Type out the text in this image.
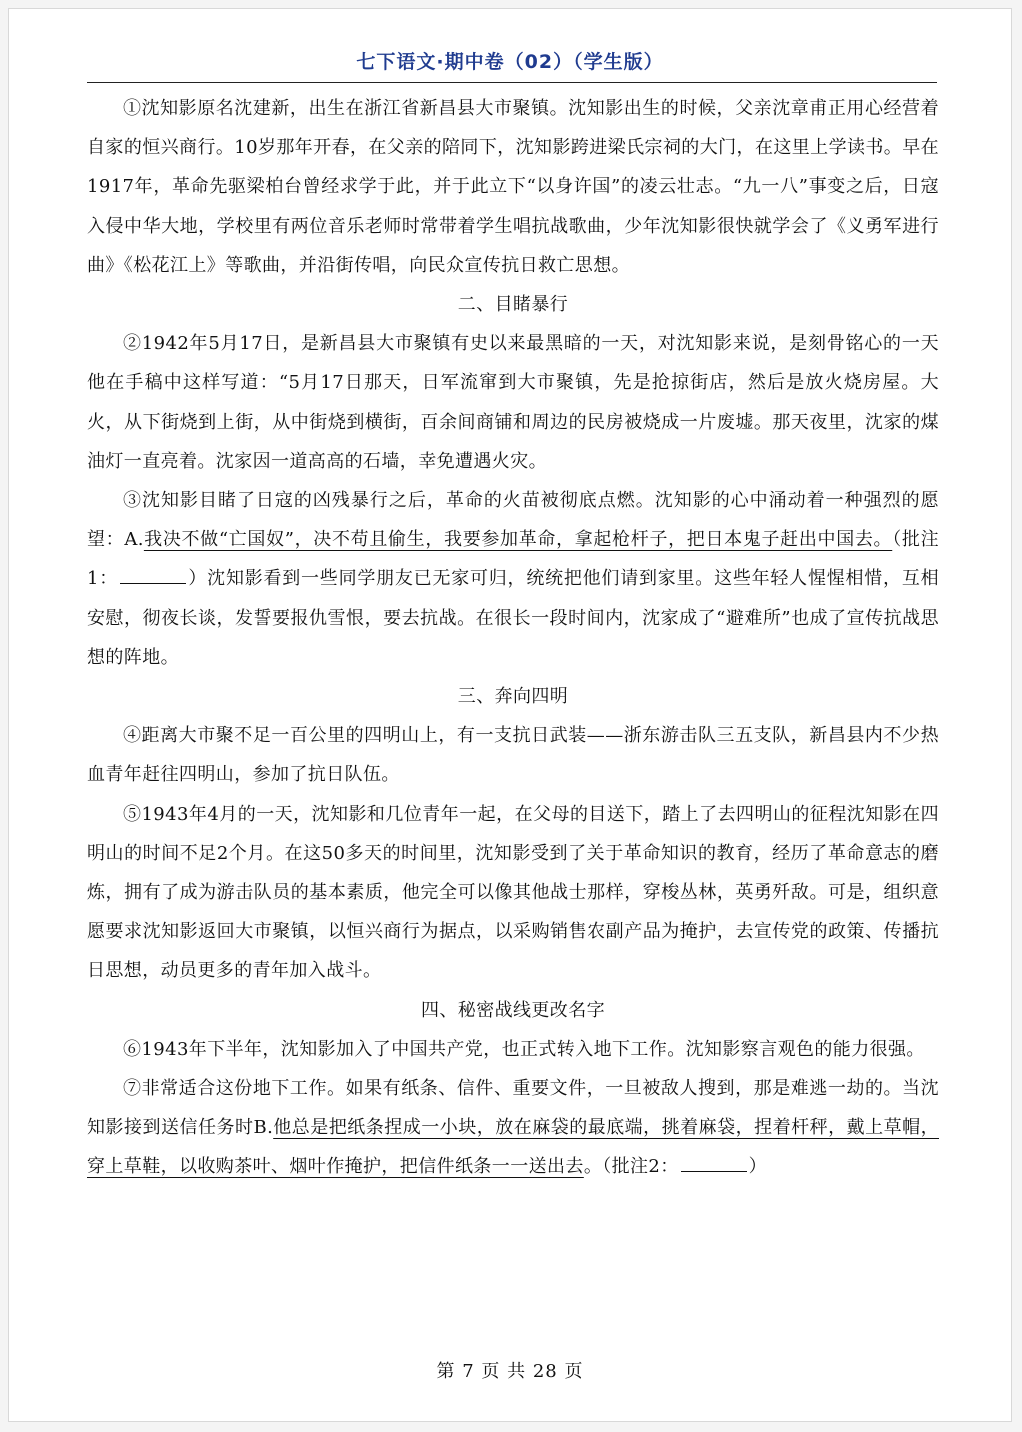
七下语文·期中卷（02）（学生版）

①沈知影原名沈建新，出生在浙江省新昌县大市聚镇。沈知影出生的时候，父亲沈章甫正用心经营着自家的恒兴商行。10岁那年开春，在父亲的陪同下，沈知影跨进梁氏宗祠的大门，在这里上学读书。早在1917年，革命先驱梁柏台曾经求学于此，并于此立下“以身许国”的凌云壮志。“九一八”事变之后，日寇入侵中华大地，学校里有两位音乐老师时常带着学生唱抗战歌曲，少年沈知影很快就学会了《义勇军进行曲》《松花江上》等歌曲，并沿街传唱，向民众宣传抗日救亡思想。

二、目睹暴行

②1942年5月17日，是新昌县大市聚镇有史以来最黑暗的一天，对沈知影来说，是刻骨铭心的一天他在手稿中这样写道：“5月17日那天，日军流窜到大市聚镇，先是抢掠街店，然后是放火烧房屋。大火，从下街烧到上街，从中街烧到横街，百余间商铺和周边的民房被烧成一片废墟。那天夜里，沈家的煤油灯一直亮着。沈家因一道高高的石墙，幸免遭遇火灾。

③沈知影目睹了日寇的凶残暴行之后，革命的火苗被彻底点燃。沈知影的心中涌动着一种强烈的愿望：A.我决不做“亡国奴”，决不苟且偷生，我要参加革命，拿起枪杆子，把日本鬼子赶出中国去。（批注1：	）沈知影看到一些同学朋友已无家可归，统统把他们请到家里。这些年轻人惺惺相惜，互相安慰，彻夜长谈，发誓要报仇雪恨，要去抗战。在很长一段时间内，沈家成了“避难所”也成了宣传抗战思想的阵地。

三、奔向四明

④距离大市聚不足一百公里的四明山上，有一支抗日武装——浙东游击队三五支队，新昌县内不少热血青年赶往四明山，参加了抗日队伍。

⑤1943年4月的一天，沈知影和几位青年一起，在父母的目送下，踏上了去四明山的征程沈知影在四明山的时间不足2个月。在这50多天的时间里，沈知影受到了关于革命知识的教育，经历了革命意志的磨炼，拥有了成为游击队员的基本素质，他完全可以像其他战士那样，穿梭丛林，英勇歼敌。可是，组织意愿要求沈知影返回大市聚镇，以恒兴商行为据点，以采购销售农副产品为掩护，去宣传党的政策、传播抗日思想，动员更多的青年加入战斗。

四、秘密战线更改名字

⑥1943年下半年，沈知影加入了中国共产党，也正式转入地下工作。沈知影察言观色的能力很强。

⑦非常适合这份地下工作。如果有纸条、信件、重要文件，一旦被敌人搜到，那是难逃一劫的。当沈知影接到送信任务时B.他总是把纸条捏成一小块，放在麻袋的最底端，挑着麻袋，捏着杆秤，戴上草帽，穿上草鞋，以收购茶叶、烟叶作掩护，把信件纸条一一送出去。（批注2：	）

第 7 页 共 28 页
